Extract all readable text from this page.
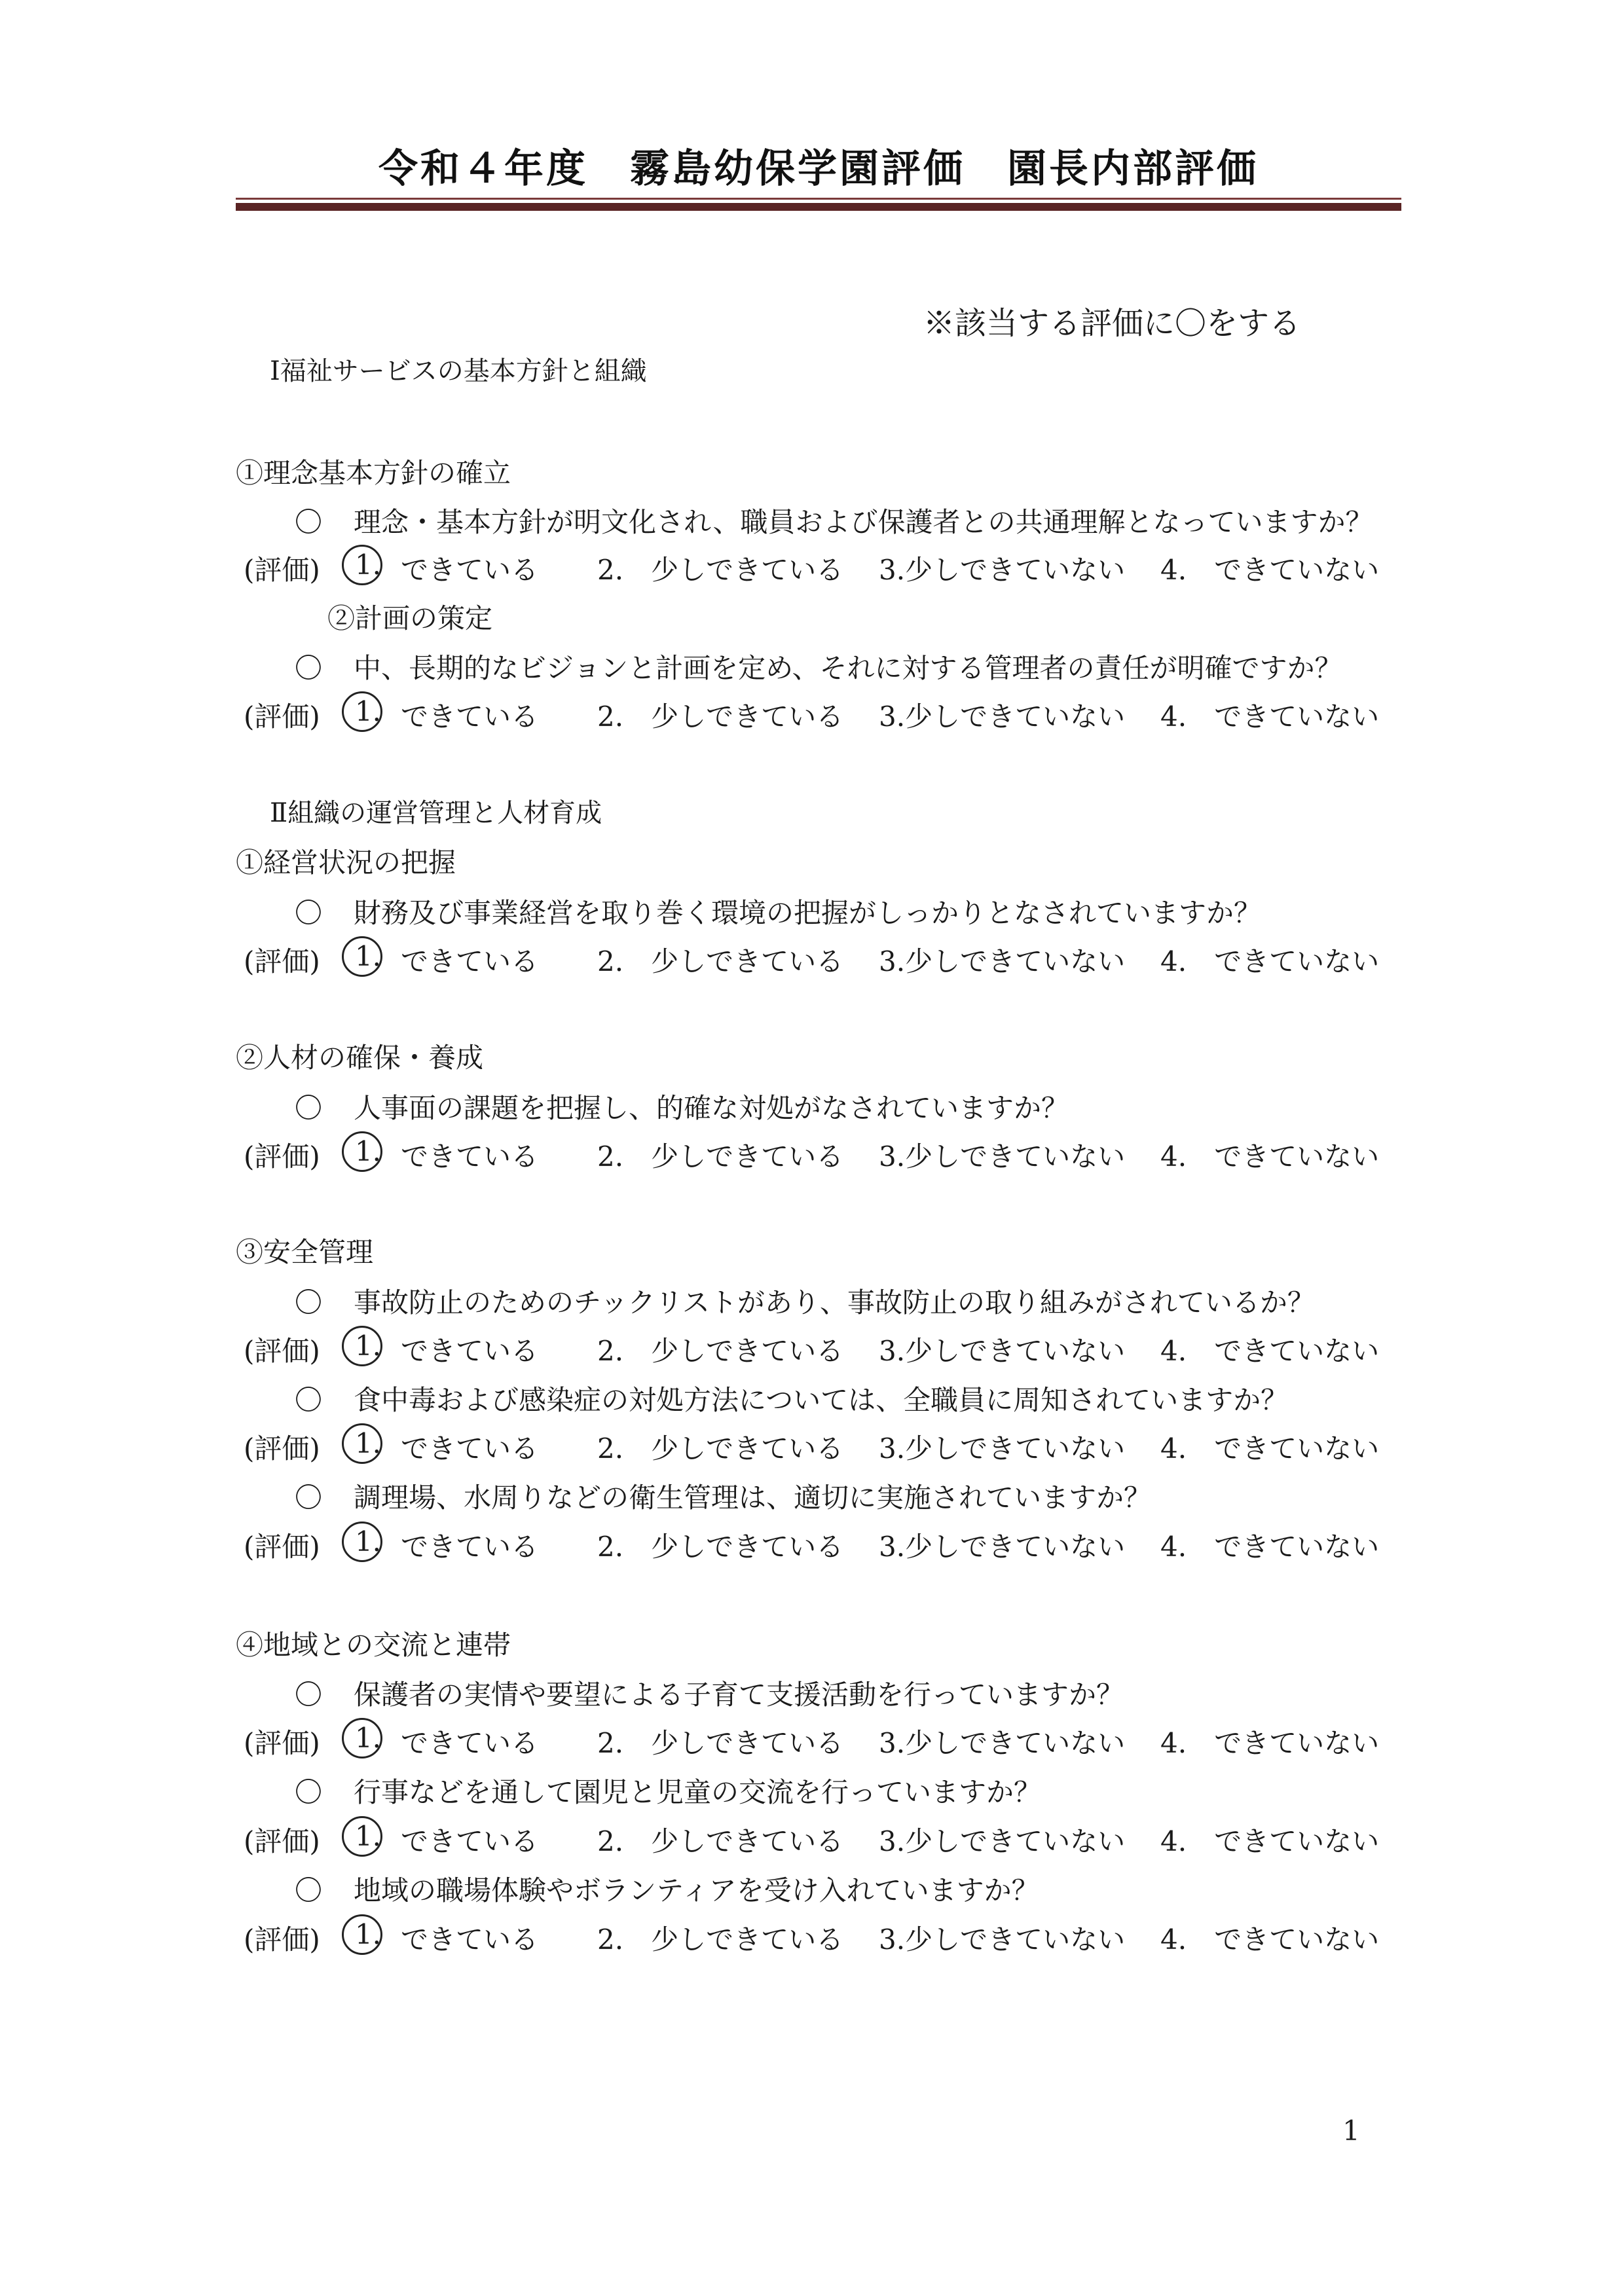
令和４年度　霧島幼保学園評価　園長内部評価
※該当する評価に〇をする
Ⅰ福祉サービスの基本方針と組織
①理念基本方針の確立
〇 理念・基本方針が明文化され、職員および保護者との共通理解となっていますか？
(評価) 1. できている 2.　少しできている 3.少しできていない 4.　できていない
②計画の策定
〇 中、長期的なビジョンと計画を定め、それに対する管理者の責任が明確ですか？
(評価) 1. できている 2.　少しできている 3.少しできていない 4.　できていない
Ⅱ組織の運営管理と人材育成
①経営状況の把握
〇 財務及び事業経営を取り巻く環境の把握がしっかりとなされていますか？
(評価) 1. できている 2.　少しできている 3.少しできていない 4.　できていない
②人材の確保・養成
〇 人事面の課題を把握し、的確な対処がなされていますか？
(評価) 1. できている 2.　少しできている 3.少しできていない 4.　できていない
③安全管理
〇 事故防止のためのチックリストがあり、事故防止の取り組みがされているか？
(評価) 1. できている 2.　少しできている 3.少しできていない 4.　できていない
〇 食中毒および感染症の対処方法については、全職員に周知されていますか？
(評価) 1. できている 2.　少しできている 3.少しできていない 4.　できていない
〇 調理場、水周りなどの衛生管理は、適切に実施されていますか？
(評価) 1. できている 2.　少しできている 3.少しできていない 4.　できていない
④地域との交流と連帯
〇 保護者の実情や要望による子育て支援活動を行っていますか？
(評価) 1. できている 2.　少しできている 3.少しできていない 4.　できていない
〇 行事などを通して園児と児童の交流を行っていますか？
(評価) 1. できている 2.　少しできている 3.少しできていない 4.　できていない
〇 地域の職場体験やボランティアを受け入れていますか？
(評価) 1. できている 2.　少しできている 3.少しできていない 4.　できていない
1
